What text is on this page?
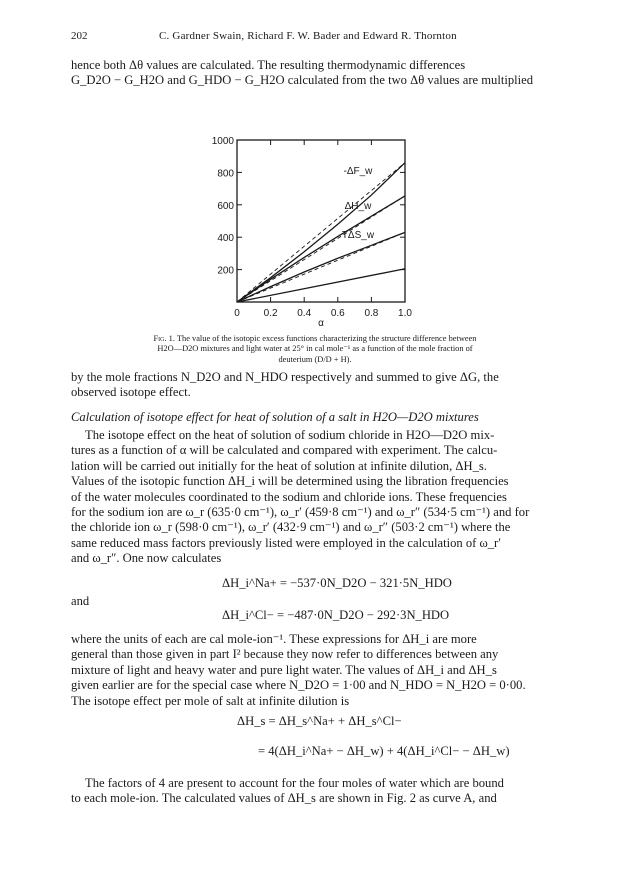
202	C. Gardner Swain, Richard F. W. Bader and Edward R. Thornton

hence both Δθ values are calculated. The resulting thermodynamic differences

G_D2O − G_H2O and G_HDO − G_H2O calculated from the two Δθ values are multiplied

0 0.2 0.4 0.6 0.8 1.0
200
400
600
800
1000
α
-ΔF_w
ΔH_w
TΔS_w
Fig. 1. The value of the isotopic excess functions characterizing the structure difference between H2O—D2O mixtures and light water at 25° in cal mole⁻¹ as a function of the mole fraction of deuterium (D/D + H).

by the mole fractions N_D2O and N_HDO respectively and summed to give ΔG, the

observed isotope effect.

Calculation of isotope effect for heat of solution of a salt in H2O—D2O mixtures

The isotope effect on the heat of solution of sodium chloride in H2O—D2O mix-

tures as a function of α will be calculated and compared with experiment. The calcu-

lation will be carried out initially for the heat of solution at infinite dilution, ΔH_s.

Values of the isotopic function ΔH_i will be determined using the libration frequencies

of the water molecules coordinated to the sodium and chloride ions. These frequencies

for the sodium ion are ω_r (635·0 cm⁻¹), ω_r′ (459·8 cm⁻¹) and ω_r″ (534·5 cm⁻¹) and for

the chloride ion ω_r (598·0 cm⁻¹), ω_r′ (432·9 cm⁻¹) and ω_r″ (503·2 cm⁻¹) where the

same reduced mass factors previously listed were employed in the calculation of ω_r′

and ω_r″. One now calculates

ΔH_i^Na+ = −537·0N_D2O − 321·5N_HDO
and
ΔH_i^Cl− = −487·0N_D2O − 292·3N_HDO

where the units of each are cal mole-ion⁻¹. These expressions for ΔH_i are more

general than those given in part I² because they now refer to differences between any

mixture of light and heavy water and pure light water. The values of ΔH_i and ΔH_s

given earlier are for the special case where N_D2O = 1·00 and N_HDO = N_H2O = 0·00.

The isotope effect per mole of salt at infinite dilution is

ΔH_s = ΔH_s^Na+ + ΔH_s^Cl−
= 4(ΔH_i^Na+ − ΔH_w) + 4(ΔH_i^Cl− − ΔH_w)

The factors of 4 are present to account for the four moles of water which are bound

to each mole-ion. The calculated values of ΔH_s are shown in Fig. 2 as curve A, and
